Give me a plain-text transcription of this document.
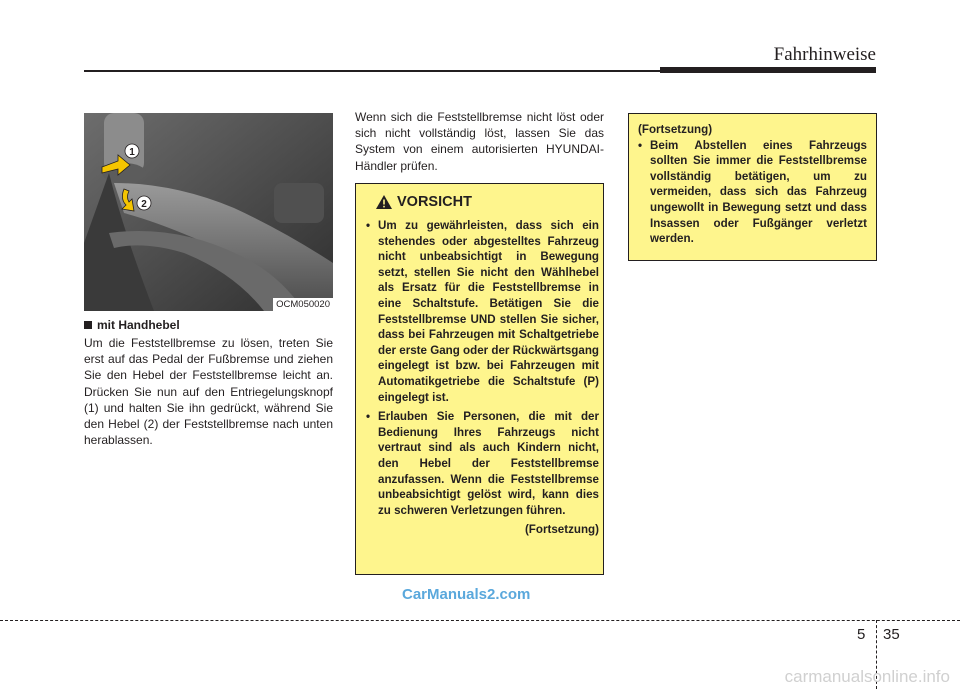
Fahrhinweise
1
2
OCM050020
mit Handhebel
Um die Feststellbremse zu lösen, treten Sie erst auf das Pedal der Fußbremse und ziehen Sie den Hebel der Feststellbremse leicht an. Drücken Sie nun auf den Entriegelungsknopf (1) und halten Sie ihn gedrückt, während Sie den Hebel (2) der Feststellbremse nach unten herablassen.
Wenn sich die Feststellbremse nicht löst oder sich nicht vollständig löst, lassen Sie das System von einem autorisierten HYUNDAI-Händler prüfen.
VORSICHT
• Um zu gewährleisten, dass sich ein stehendes oder abgestelltes Fahrzeug nicht unbeabsichtigt in Bewegung setzt, stellen Sie nicht den Wählhebel als Ersatz für die Feststellbremse in eine Schaltstufe. Betätigen Sie die Feststellbremse UND stellen Sie sicher, dass bei Fahrzeugen mit Schaltgetriebe der erste Gang oder der Rückwärtsgang eingelegt ist bzw. bei Fahrzeugen mit Automatikgetriebe die Schaltstufe (P) eingelegt ist.
• Erlauben Sie Personen, die mit der Bedienung Ihres Fahrzeugs nicht vertraut sind als auch Kindern nicht, den Hebel der Feststellbremse anzufassen. Wenn die Feststellbremse unbeabsichtigt gelöst wird, kann dies zu schweren Verletzungen führen.
(Fortsetzung)
(Fortsetzung)
• Beim Abstellen eines Fahrzeugs sollten Sie immer die Feststellbremse vollständig betätigen, um zu vermeiden, dass sich das Fahrzeug ungewollt in Bewegung setzt und dass Insassen oder Fußgänger verletzt werden.
CarManuals2.com
5 35
carmanualsonline.info
